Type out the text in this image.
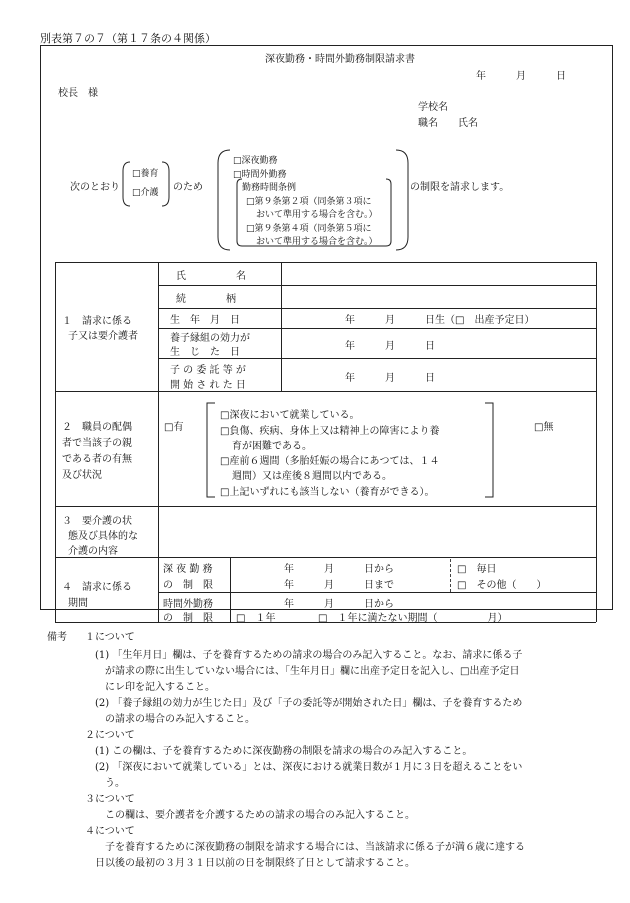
別表第７の７（第１７条の４関係）
深夜勤務・時間外勤務制限請求書
年　　　月　　　日
校長　様
学校名
職名　　氏名
次のとおり
□養育
□介護 のため
□深夜勤務
□時間外勤務
勤務時間条例
□第９条第２項（同条第３項に
おいて準用する場合を含む。）
□第９条第４項（同条第５項に
おいて準用する場合を含む。）
の制限を請求します。
１　請求に係る
子又は要介護者
氏　　　　　名
続　　　　柄
生　年　月　日	年　　　月　　　日生（□　出産予定日）
養子縁組の効力が
生　じ　た　日
年　　　月　　　日
子 の 委 託 等 が
開 始 さ れ た 日
年　　　月　　　日
２　職員の配偶
者で当該子の親
である者の有無
及び状況
□有
□深夜において就業している。
□負傷、疾病、身体上又は精神上の障害により養
育が困難である。
□産前６週間（多胎妊娠の場合にあつては、１４
週間）又は産後８週間以内である。
□上記いずれにも該当しない（養育ができる）。
□無
３　要介護の状
態及び具体的な
介護の内容
４　請求に係る
期間
深 夜 勤 務
の　制　限
年　　　月　　　日から
年　　　月　　　日まで
□　毎日
□　その他（　　）
時間外勤務
の　制　限
年　　　月　　　日から
□　１年	□　１年に満たない期間（　　　　　月）
備考 １について
(1) 「生年月日」欄は、子を養育するための請求の場合のみ記入すること。なお、請求に係る子
が請求の際に出生していない場合には、「生年月日」欄に出産予定日を記入し、□出産予定日
にレ印を記入すること。
(2) 「養子縁組の効力が生じた日」及び「子の委託等が開始された日」欄は、子を養育するため
の請求の場合のみ記入すること。
２について
(1) この欄は、子を養育するために深夜勤務の制限を請求の場合のみ記入すること。
(2) 「深夜において就業している」とは、深夜における就業日数が１月に３日を超えることをい
う。
３について
この欄は、要介護者を介護するための請求の場合のみ記入すること。
４について
子を養育するために深夜勤務の制限を請求する場合には、当該請求に係る子が満６歳に達する
日以後の最初の３月３１日以前の日を制限終了日として請求すること。
